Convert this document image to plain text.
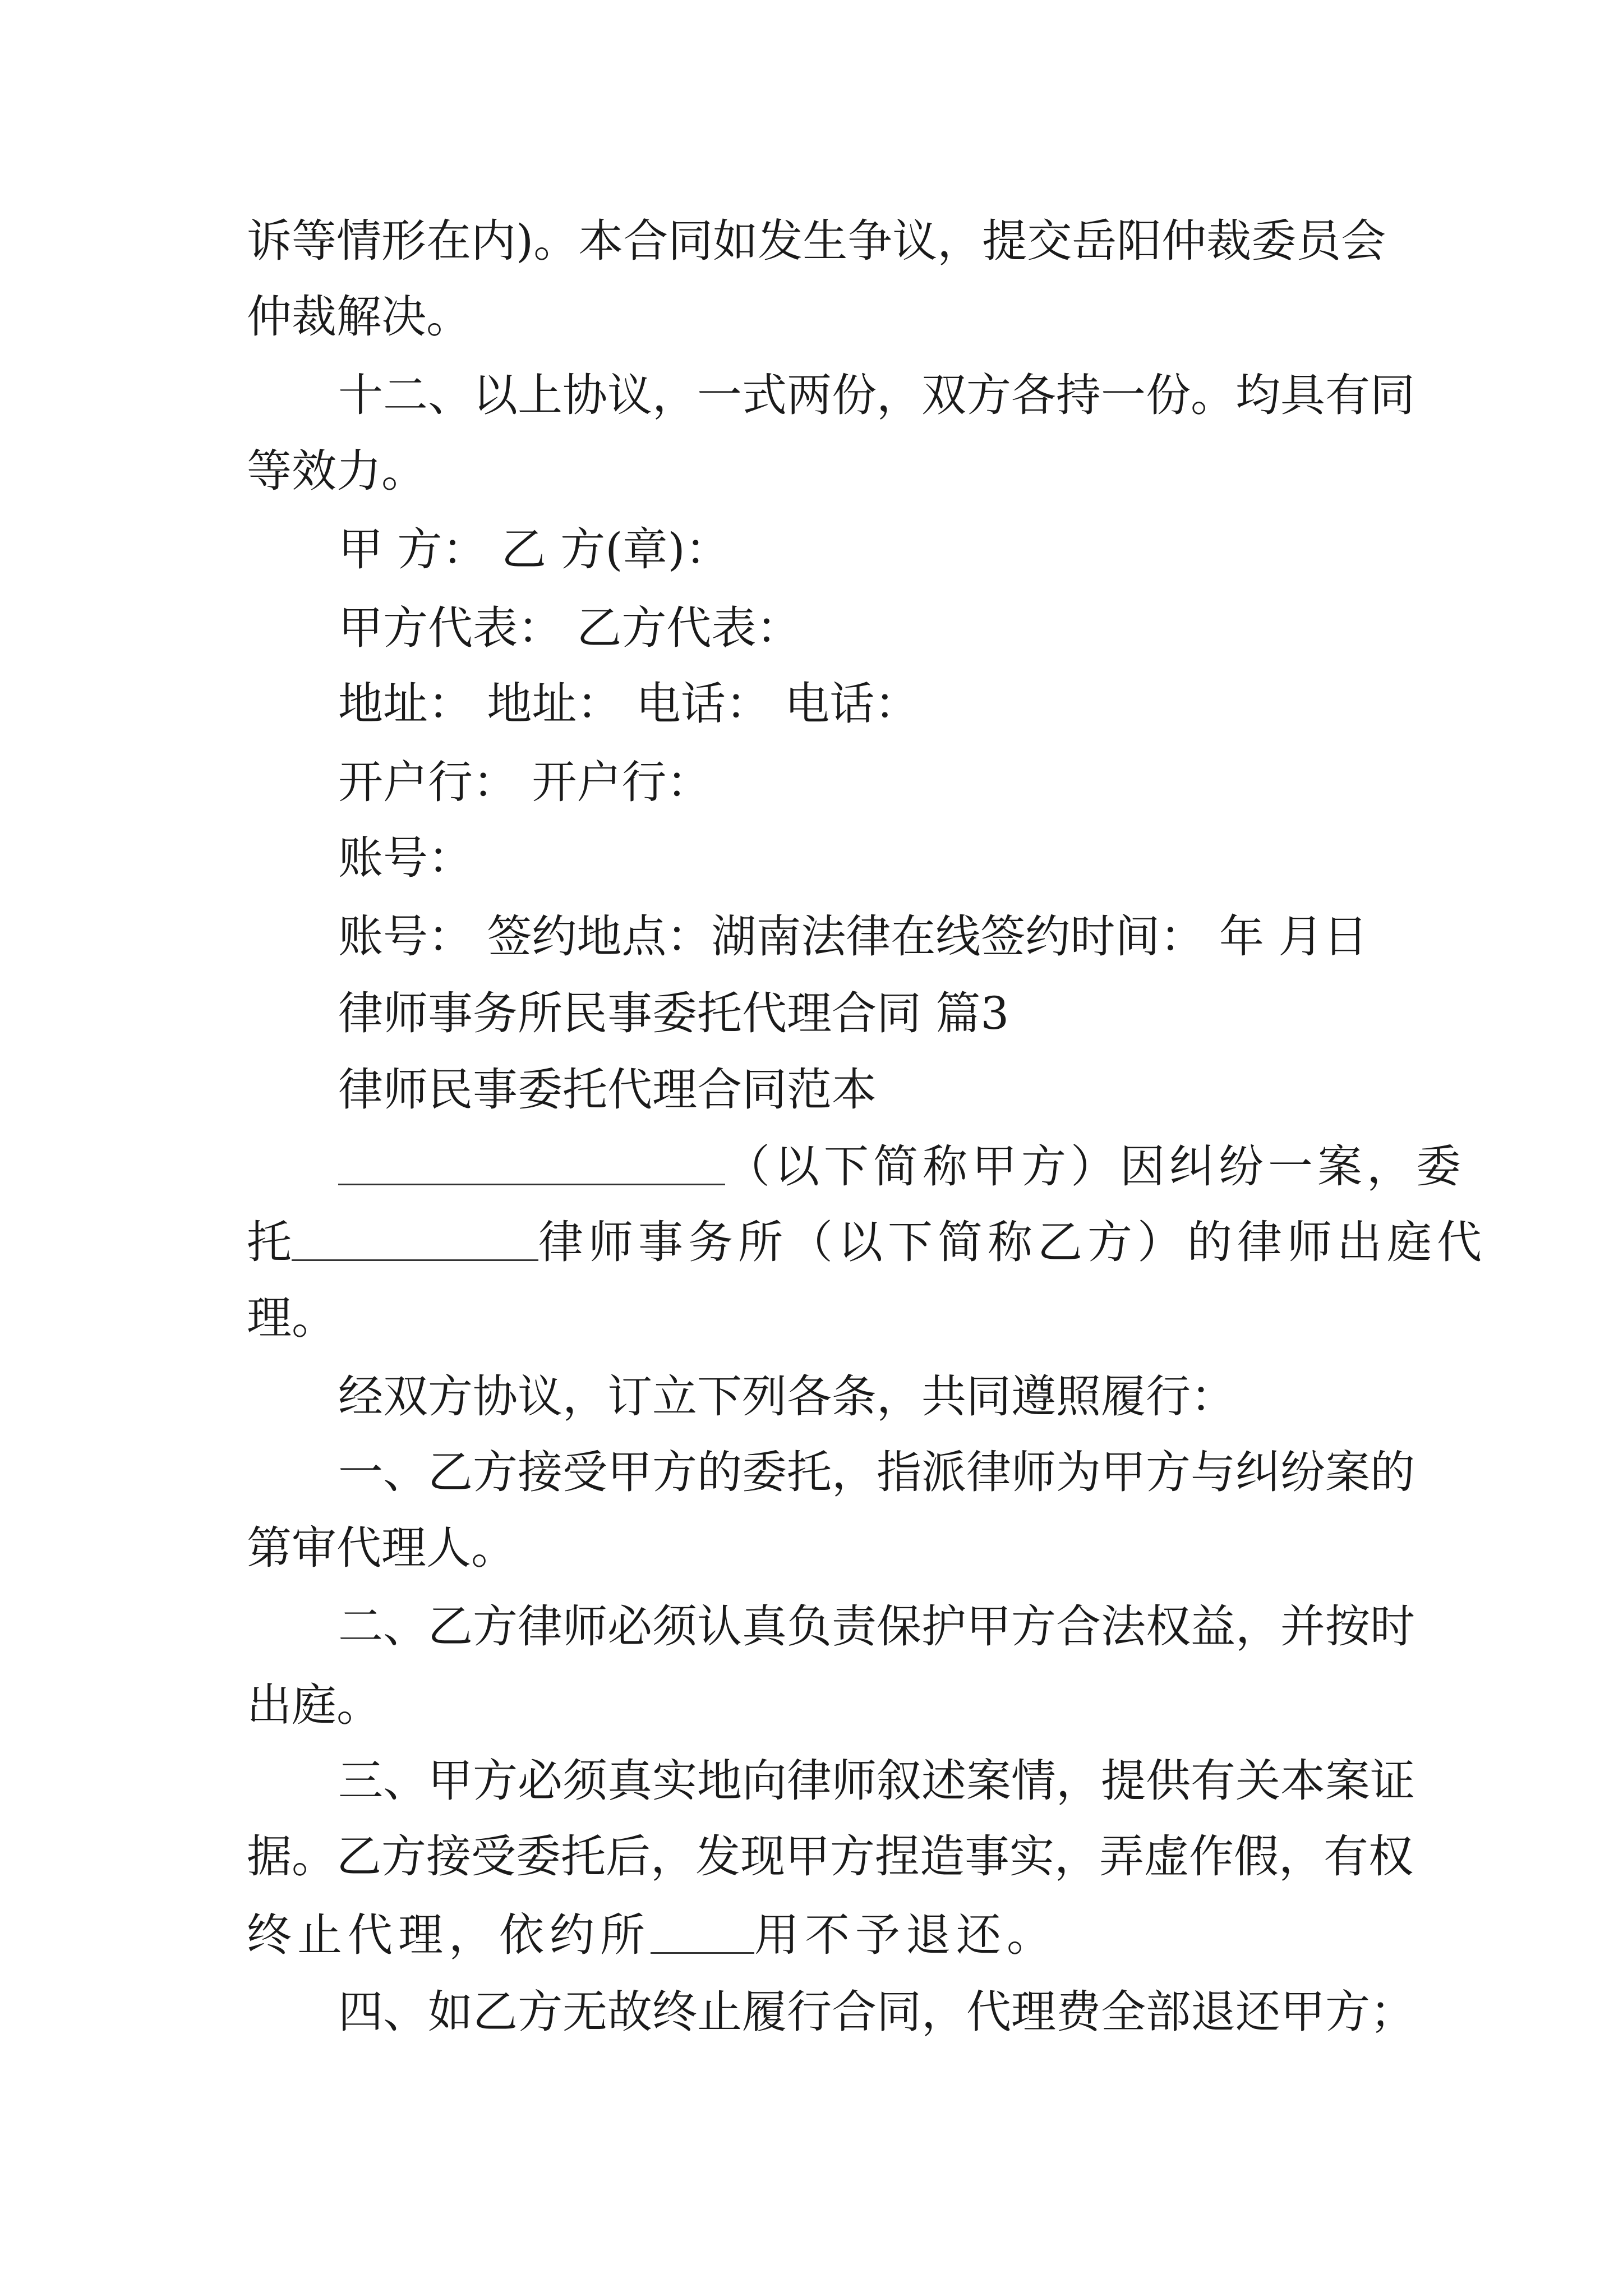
诉 等 情 形 在 内 ) 。 本 合 同 如 发 生 争 议 ， 提 交 岳 阳 仲 裁 委 员 会
仲裁解决。
十 二 、 以 上 协 议 ， 一 式 两 份 ， 双 方 各 持 一 份 。 均 具 有 同
等效力。
甲 方： 乙 方(章)：
甲方代表： 乙方代表：
地址： 地址： 电话： 电话：
开户行： 开户行：
账号：
账号： 签约地点：湖南法律在线签约时间： 年 月日
律师事务所民事委托代理合同 篇3
律师民事委托代理合同范本
（以下简称甲方）因纠纷一案，委
托	律师事务所（以下简称乙方）的律师出庭代
理。
经双方协议，订立下列各条，共同遵照履行：
一 、 乙 方 接 受 甲 方 的 委 托 ， 指 派 律 师 为 甲 方 与 纠 纷 案 的
第审代理人。
二 、 乙 方 律 师 必 须 认 真 负 责 保 护 甲 方 合 法 权 益 ， 并 按 时
出庭。
三 、 甲 方 必 须 真 实 地 向 律 师 叙 述 案 情 ， 提 供 有 关 本 案 证
据 。 乙 方 接 受 委 托 后 ， 发 现 甲 方 捏 造 事 实 ， 弄 虚 作 假 ， 有 权
终止代理，依约所 用不予退还。
四 、 如 乙 方 无 故 终 止 履 行 合 同 ， 代 理 费 全 部 退 还 甲 方 ；
